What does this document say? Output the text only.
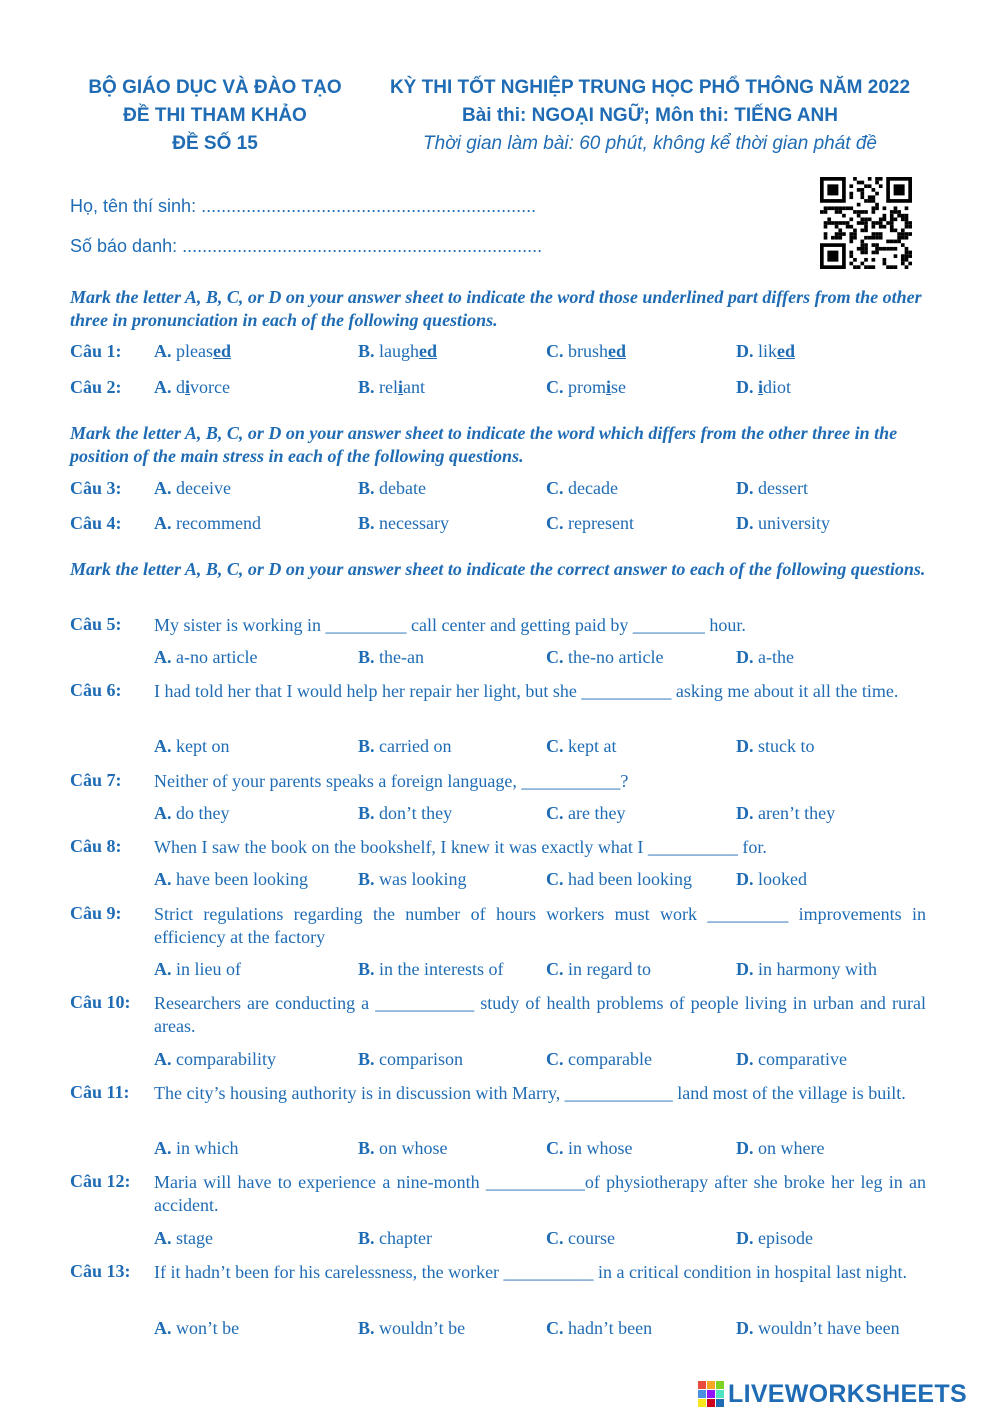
BỘ GIÁO DỤC VÀ ĐÀO TẠO
ĐỀ THI THAM KHẢO
ĐỀ SỐ 15
KỲ THI TỐT NGHIỆP TRUNG HỌC PHỔ THÔNG NĂM 2022
Bài thi: NGOẠI NGỮ; Môn thi: TIẾNG ANH
Thời gian làm bài: 60 phút, không kể thời gian phát đề
Họ, tên thí sinh: ...................................................................
Số báo danh: ........................................................................
Mark the letter A, B, C, or D on your answer sheet to indicate the word those underlined part differs from the other three in pronunciation in each of the following questions.
Mark the letter A, B, C, or D on your answer sheet to indicate the word which differs from the other three in the position of the main stress in each of the following questions.
Mark the letter A, B, C, or D on your answer sheet to indicate the correct answer to each of the following questions.
Câu 1: A. pleased	B. laughed	C. brushed	D. liked
Câu 2: A. divorce	B. reliant	C. promise	D. idiot
Câu 3: A. deceive	B. debate	C. decade	D. dessert
Câu 4: A. recommend	B. necessary	C. represent	D. university
Câu 5: My sister is working in _________ call center and getting paid by ________ hour.
A. a-no article	B. the-an	C. the-no article	D. a-the
Câu 6: I had told her that I would help her repair her light, but she __________ asking me about it all the time.
A. kept on	B. carried on	C. kept at	D. stuck to
Câu 7: Neither of your parents speaks a foreign language, ___________?
A. do they	B. don’t they	C. are they	D. aren’t they
Câu 8: When I saw the book on the bookshelf, I knew it was exactly what I __________ for.
A. have been looking	B. was looking	C. had been looking D. looked
Câu 9: Strict regulations regarding the number of hours workers must work _________ improvements in efficiency at the factory
A. in lieu of	B. in the interests of C. in regard to	D. in harmony with
Câu 10: Researchers are conducting a ___________ study of health problems of people living in urban and rural areas.
A. comparability	B. comparison	C. comparable	D. comparative
Câu 11: The city’s housing authority is in discussion with Marry, ____________ land most of the village is built.
A. in which	B. on whose	C. in whose	D. on where
Câu 12: Maria will have to experience a nine-month ___________of physiotherapy after she broke her leg in an accident.
A. stage	B. chapter	C. course	D. episode
Câu 13: If it hadn’t been for his carelessness, the worker __________ in a critical condition in hospital last night.
A. won’t be	B. wouldn’t be	C. hadn’t been	D. wouldn’t have been
LIVEWORKSHEETS
